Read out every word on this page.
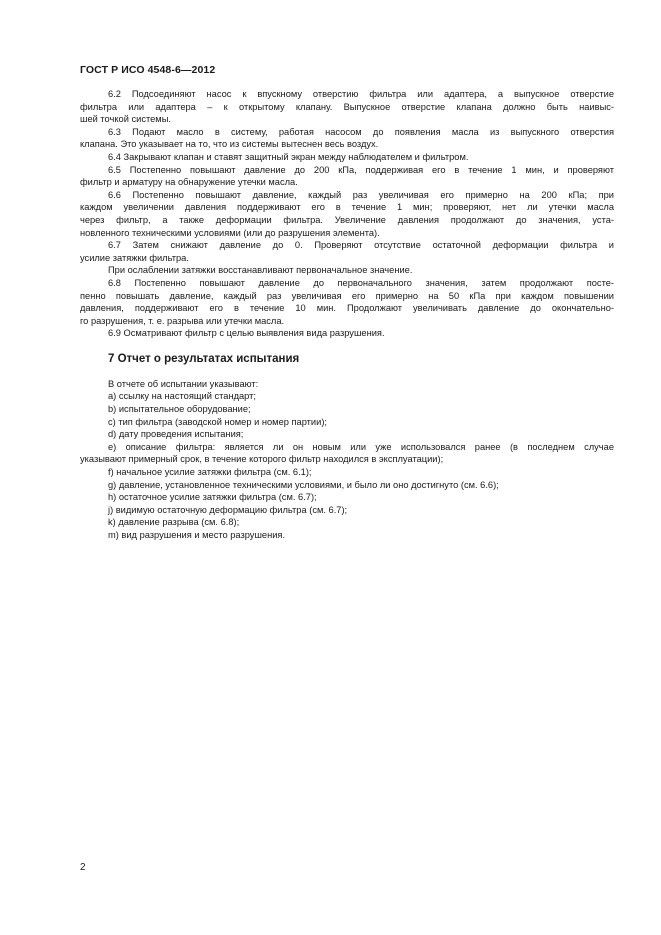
ГОСТ Р ИСО 4548-6—2012
6.2 Подсоединяют насос к впускному отверстию фильтра или адаптера, а выпускное отверстие
фильтра или адаптера – к открытому клапану. Выпускное отверстие клапана должно быть наивыс-
шей точкой системы.
6.3 Подают масло в систему, работая насосом до появления масла из выпускного отверстия
клапана. Это указывает на то, что из системы вытеснен весь воздух.
6.4 Закрывают клапан и ставят защитный экран между наблюдателем и фильтром.
6.5 Постепенно повышают давление до 200 кПа, поддерживая его в течение 1 мин, и проверяют
фильтр и арматуру на обнаружение утечки масла.
6.6 Постепенно повышают давление, каждый раз увеличивая его примерно на 200 кПа; при
каждом увеличении давления поддерживают его в течение 1 мин; проверяют, нет ли утечки масла
через фильтр, а также деформации фильтра. Увеличение давления продолжают до значения, уста-
новленного техническими условиями (или до разрушения элемента).
6.7 Затем снижают давление до 0. Проверяют отсутствие остаточной деформации фильтра и
усилие затяжки фильтра.
При ослаблении затяжки восстанавливают первоначальное значение.
6.8 Постепенно повышают давление до первоначального значения, затем продолжают посте-
пенно повышать давление, каждый раз увеличивая его примерно на 50 кПа при каждом повышении
давления, поддерживают его в течение 10 мин. Продолжают увеличивать давление до окончательно-
го разрушения, т. е. разрыва или утечки масла.
6.9 Осматривают фильтр с целью выявления вида разрушения.
7 Отчет о результатах испытания
В отчете об испытании указывают:
а) ссылку на настоящий стандарт;
b) испытательное оборудование;
с) тип фильтра (заводской номер и номер партии);
d) дату проведения испытания;
е) описание фильтра: является ли он новым или уже использовался ранее (в последнем случае
указывают примерный срок, в течение которого фильтр находился в эксплуатации);
f) начальное усилие затяжки фильтра (см. 6.1);
g) давление, установленное техническими условиями, и было ли оно достигнуто (см. 6.6);
h) остаточное усилие затяжки фильтра (см. 6.7);
j) видимую остаточную деформацию фильтра (см. 6.7);
k) давление разрыва (см. 6.8);
m) вид разрушения и место разрушения.
2
